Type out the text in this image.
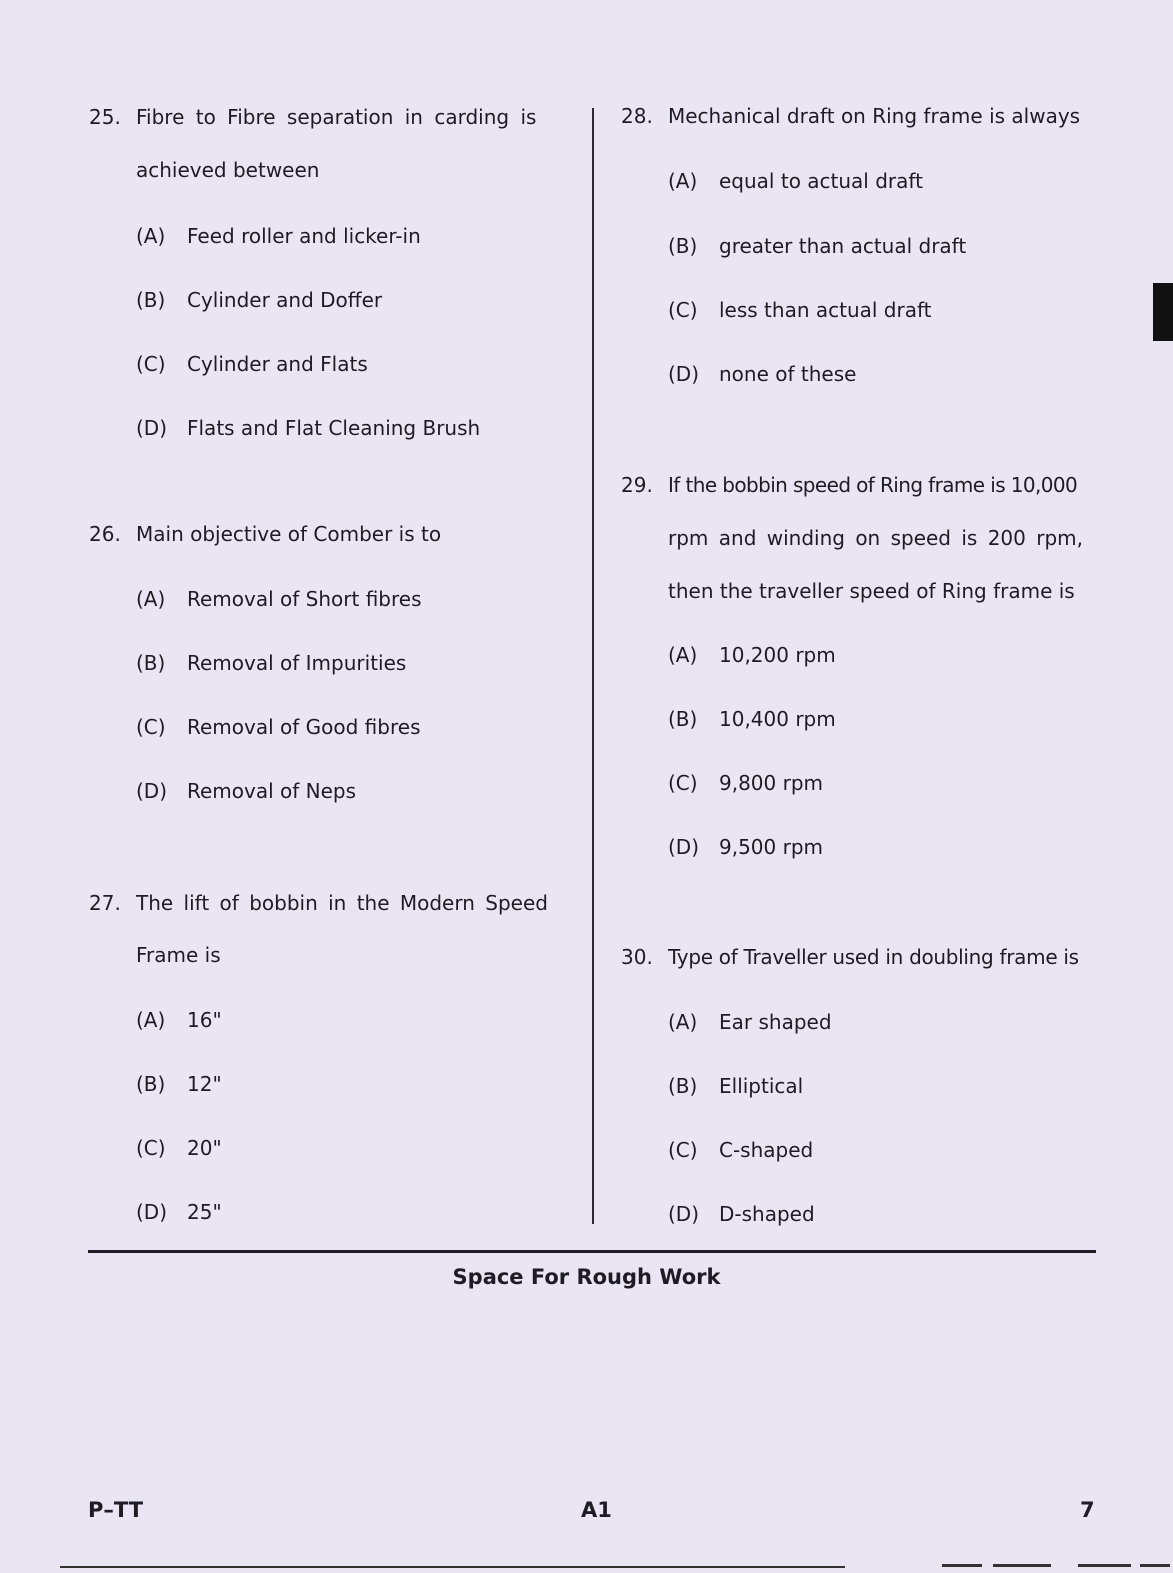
25. Fibre to Fibre separation in carding is
achieved between
(A) Feed roller and licker-in
(B) Cylinder and Doffer
(C) Cylinder and Flats
(D) Flats and Flat Cleaning Brush
26. Main objective of Comber is to
(A) Removal of Short fibres
(B) Removal of Impurities
(C) Removal of Good fibres
(D) Removal of Neps
27. The lift of bobbin in the Modern Speed
Frame is
(A) 16"
(B) 12"
(C) 20"
(D) 25"
28. Mechanical draft on Ring frame is always
(A) equal to actual draft
(B) greater than actual draft
(C) less than actual draft
(D) none of these
29. If the bobbin speed of Ring frame is 10,000
rpm and winding on speed is 200 rpm,
then the traveller speed of Ring frame is
(A) 10,200 rpm
(B) 10,400 rpm
(C) 9,800 rpm
(D) 9,500 rpm
30. Type of Traveller used in doubling frame is
(A) Ear shaped
(B) Elliptical
(C) C-shaped
(D) D-shaped
Space For Rough Work
P–TT	A1	7
